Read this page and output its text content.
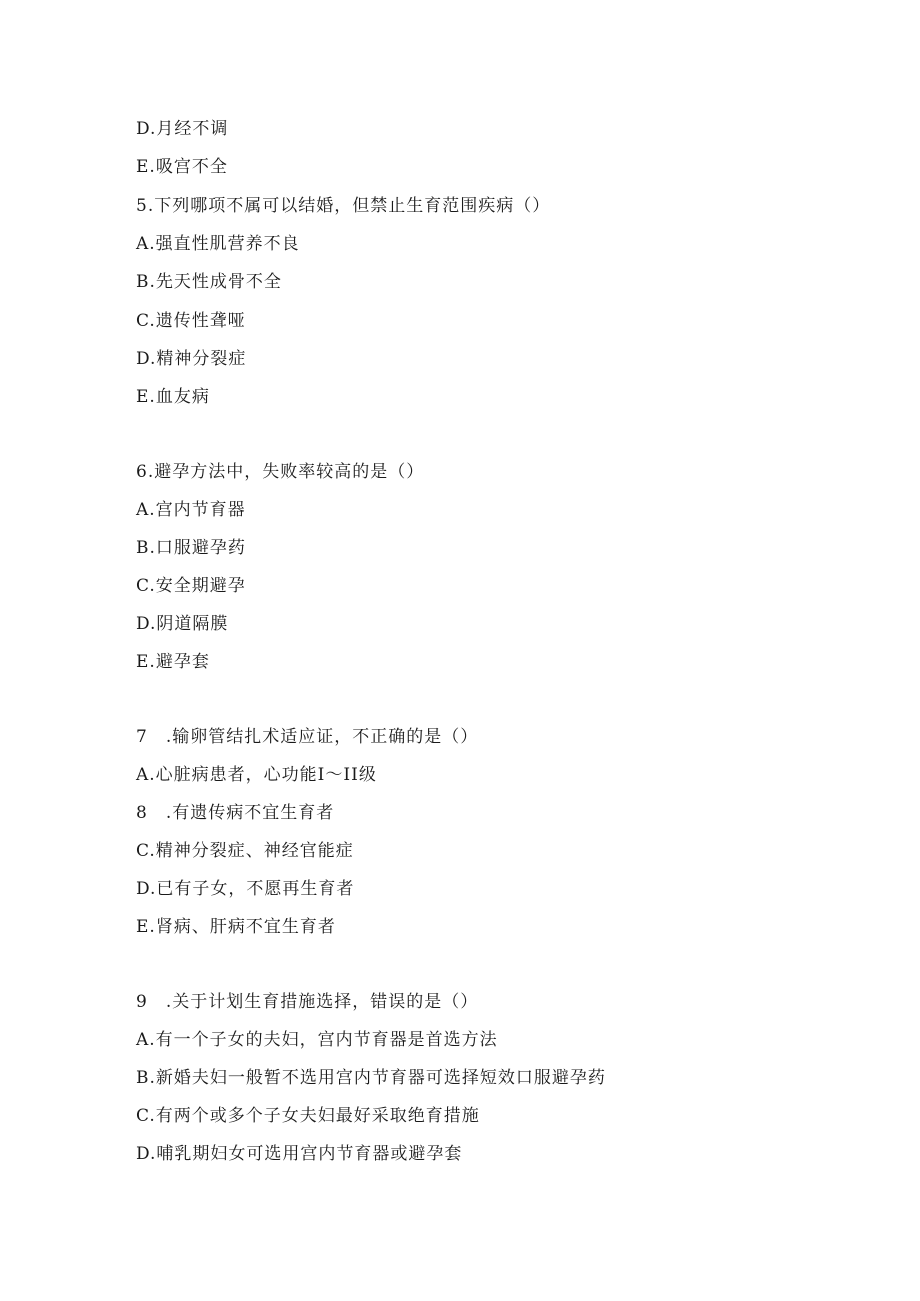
D.月经不调
E.吸宫不全
5.下列哪项不属可以结婚，但禁止生育范围疾病（）
A.强直性肌营养不良
B.先天性成骨不全
C.遗传性聋哑
D.精神分裂症
E.血友病
6.避孕方法中，失败率较高的是（）
A.宫内节育器
B.口服避孕药
C.安全期避孕
D.阴道隔膜
E.避孕套
7　.输卵管结扎术适应证，不正确的是（）
A.心脏病患者，心功能I～II级
8　.有遗传病不宜生育者
C.精神分裂症、神经官能症
D.已有子女，不愿再生育者
E.肾病、肝病不宜生育者
9　.关于计划生育措施选择，错误的是（）
A.有一个子女的夫妇，宫内节育器是首选方法
B.新婚夫妇一般暂不选用宫内节育器可选择短效口服避孕药
C.有两个或多个子女夫妇最好采取绝育措施
D.哺乳期妇女可选用宫内节育器或避孕套
